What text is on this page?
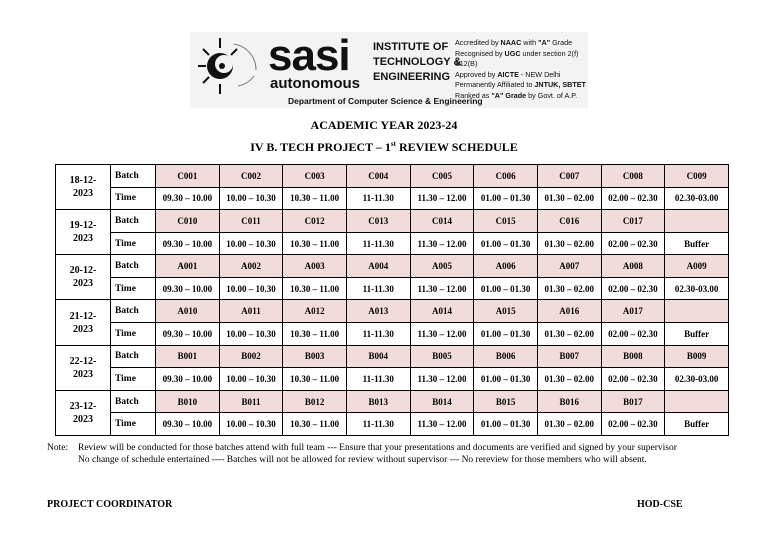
sasi
autonomous
INSTITUTE OF
TECHNOLOGY &
ENGINEERING
Accredited by NAAC with "A" Grade
Recognised by UGC under section 2(f) &12(B)
Approved by AICTE - NEW Delhi
Permanently Affiliated to JNTUK, SBTET
Ranked as "A" Grade by Govt. of A.P.
Department of Computer Science & Engineering
ACADEMIC YEAR 2023-24
IV B. TECH PROJECT – 1st REVIEW SCHEDULE
18-12-
2023	Batch	C001	C002	C003	C004	C005	C006	C007	C008	C009
	Time	09.30 – 10.00	10.00 – 10.30	10.30 – 11.00	11-11.30	11.30 – 12.00	01.00 – 01.30	01.30 – 02.00	02.00 – 02.30	02.30-03.00
19-12-
2023	Batch	C010	C011	C012	C013	C014	C015	C016	C017	
	Time	09.30 – 10.00	10.00 – 10.30	10.30 – 11.00	11-11.30	11.30 – 12.00	01.00 – 01.30	01.30 – 02.00	02.00 – 02.30	Buffer
20-12-
2023	Batch	A001	A002	A003	A004	A005	A006	A007	A008	A009
	Time	09.30 – 10.00	10.00 – 10.30	10.30 – 11.00	11-11.30	11.30 – 12.00	01.00 – 01.30	01.30 – 02.00	02.00 – 02.30	02.30-03.00
21-12-
2023	Batch	A010	A011	A012	A013	A014	A015	A016	A017	
	Time	09.30 – 10.00	10.00 – 10.30	10.30 – 11.00	11-11.30	11.30 – 12.00	01.00 – 01.30	01.30 – 02.00	02.00 – 02.30	Buffer
22-12-
2023	Batch	B001	B002	B003	B004	B005	B006	B007	B008	B009
	Time	09.30 – 10.00	10.00 – 10.30	10.30 – 11.00	11-11.30	11.30 – 12.00	01.00 – 01.30	01.30 – 02.00	02.00 – 02.30	02.30-03.00
23-12-
2023	Batch	B010	B011	B012	B013	B014	B015	B016	B017	
	Time	09.30 – 10.00	10.00 – 10.30	10.30 – 11.00	11-11.30	11.30 – 12.00	01.00 – 01.30	01.30 – 02.00	02.00 – 02.30	Buffer
Note:	Review will be conducted for those batches attend with full team --- Ensure that your presentations and documents are verified and signed by your supervisor
No change of schedule entertained ---- Batches will not be allowed for review without supervisor --- No rereview for those members who will absent.
PROJECT COORDINATOR	HOD-CSE
